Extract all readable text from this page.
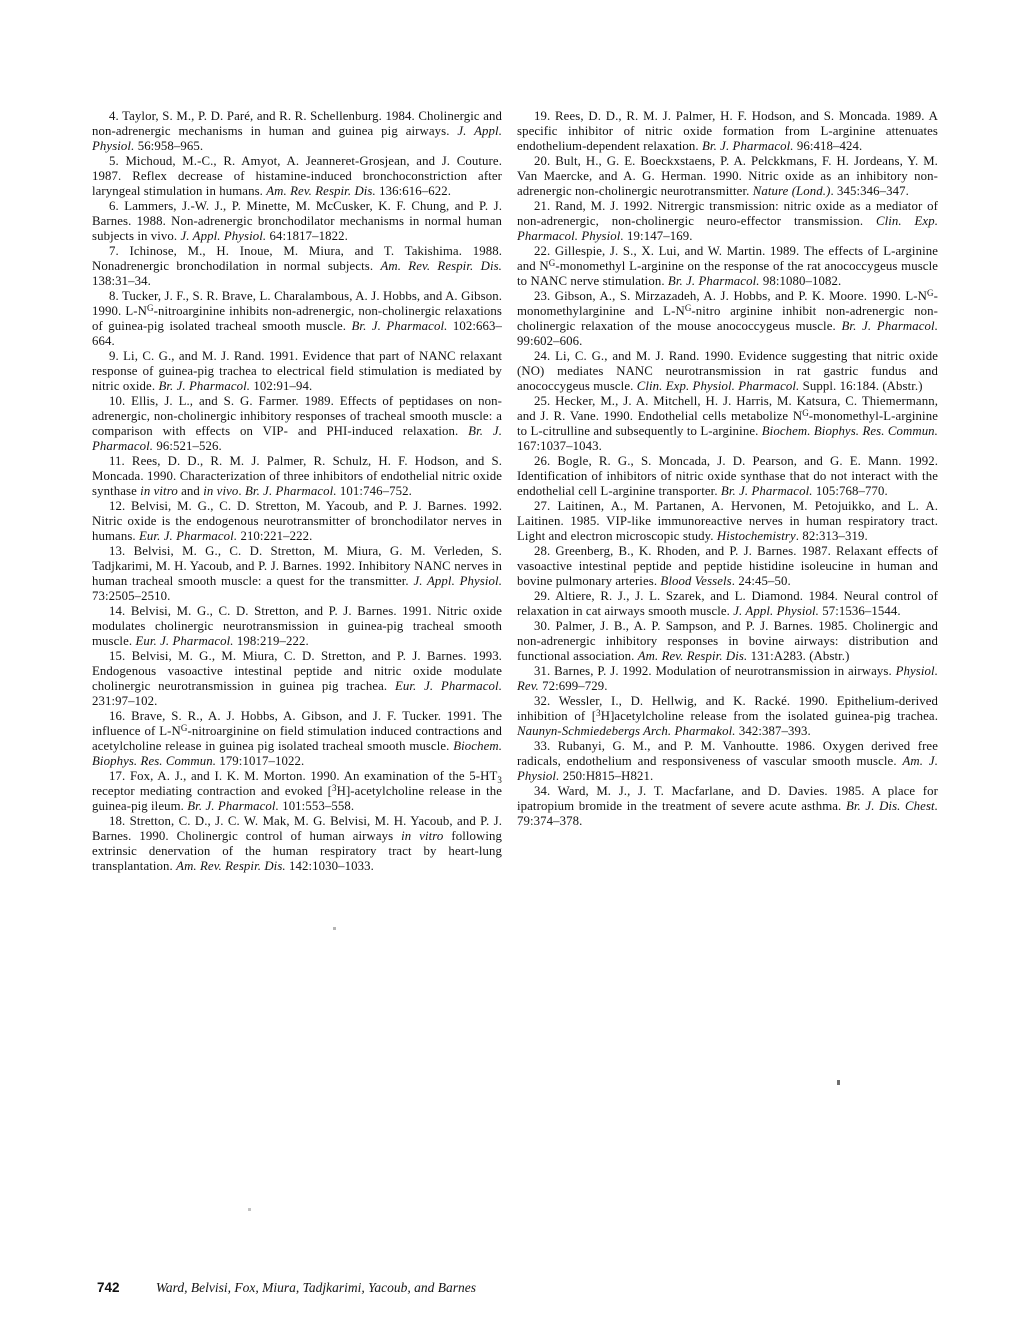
4. Taylor, S. M., P. D. Paré, and R. R. Schellenburg. 1984. Cholinergic and non-adrenergic mechanisms in human and guinea pig airways. J. Appl. Physiol. 56:958–965.

5. Michoud, M.-C., R. Amyot, A. Jeanneret-Grosjean, and J. Couture. 1987. Reflex decrease of histamine-induced bronchoconstriction after laryngeal stimulation in humans. Am. Rev. Respir. Dis. 136:616–622.

6. Lammers, J.-W. J., P. Minette, M. McCusker, K. F. Chung, and P. J. Barnes. 1988. Non-adrenergic bronchodilator mechanisms in normal human subjects in vivo. J. Appl. Physiol. 64:1817–1822.

7. Ichinose, M., H. Inoue, M. Miura, and T. Takishima. 1988. Nonadrenergic bronchodilation in normal subjects. Am. Rev. Respir. Dis. 138:31–34.

8. Tucker, J. F., S. R. Brave, L. Charalambous, A. J. Hobbs, and A. Gibson. 1990. $L-N^G$-nitroarginine inhibits non-adrenergic, non-cholinergic relaxations of guinea-pig isolated tracheal smooth muscle. Br. J. Pharmacol. 102:663–664.

9. Li, C. G., and M. J. Rand. 1991. Evidence that part of NANC relaxant response of guinea-pig trachea to electrical field stimulation is mediated by nitric oxide. Br. J. Pharmacol. 102:91–94.

10. Ellis, J. L., and S. G. Farmer. 1989. Effects of peptidases on non-adrenergic, non-cholinergic inhibitory responses of tracheal smooth muscle: a comparison with effects on VIP- and PHI-induced relaxation. Br. J. Pharmacol. 96:521–526.

11. Rees, D. D., R. M. J. Palmer, R. Schulz, H. F. Hodson, and S. Moncada. 1990. Characterization of three inhibitors of endothelial nitric oxide synthase in vitro and in vivo. Br. J. Pharmacol. 101:746–752.

12. Belvisi, M. G., C. D. Stretton, M. Yacoub, and P. J. Barnes. 1992. Nitric oxide is the endogenous neurotransmitter of bronchodilator nerves in humans. Eur. J. Pharmacol. 210:221–222.

13. Belvisi, M. G., C. D. Stretton, M. Miura, G. M. Verleden, S. Tadjkarimi, M. H. Yacoub, and P. J. Barnes. 1992. Inhibitory NANC nerves in human tracheal smooth muscle: a quest for the transmitter. J. Appl. Physiol. 73:2505–2510.

14. Belvisi, M. G., C. D. Stretton, and P. J. Barnes. 1991. Nitric oxide modulates cholinergic neurotransmission in guinea-pig tracheal smooth muscle. Eur. J. Pharmacol. 198:219–222.

15. Belvisi, M. G., M. Miura, C. D. Stretton, and P. J. Barnes. 1993. Endogenous vasoactive intestinal peptide and nitric oxide modulate cholinergic neurotransmission in guinea pig trachea. Eur. J. Pharmacol. 231:97–102.

16. Brave, S. R., A. J. Hobbs, A. Gibson, and J. F. Tucker. 1991. The influence of $L-N^G$-nitroarginine on field stimulation induced contractions and acetylcholine release in guinea pig isolated tracheal smooth muscle. Biochem. Biophys. Res. Commun. 179:1017–1022.

17. Fox, A. J., and I. K. M. Morton. 1990. An examination of the $5-HT_3$ receptor mediating contraction and evoked [$^3$H]-acetylcholine release in the guinea-pig ileum. Br. J. Pharmacol. 101:553–558.

18. Stretton, C. D., J. C. W. Mak, M. G. Belvisi, M. H. Yacoub, and P. J. Barnes. 1990. Cholinergic control of human airways in vitro following extrinsic denervation of the human respiratory tract by heart-lung transplantation. Am. Rev. Respir. Dis. 142:1030–1033.

19. Rees, D. D., R. M. J. Palmer, H. F. Hodson, and S. Moncada. 1989. A specific inhibitor of nitric oxide formation from L-arginine attenuates endothelium-dependent relaxation. Br. J. Pharmacol. 96:418–424.

20. Bult, H., G. E. Boeckxstaens, P. A. Pelckkmans, F. H. Jordeans, Y. M. Van Maercke, and A. G. Herman. 1990. Nitric oxide as an inhibitory non-adrenergic non-cholinergic neurotransmitter. Nature (Lond.). 345:346–347.

21. Rand, M. J. 1992. Nitrergic transmission: nitric oxide as a mediator of non-adrenergic, non-cholinergic neuro-effector transmission. Clin. Exp. Pharmacol. Physiol. 19:147–169.

22. Gillespie, J. S., X. Lui, and W. Martin. 1989. The effects of L-arginine and $N^G$-monomethyl L-arginine on the response of the rat anococcygeus muscle to NANC nerve stimulation. Br. J. Pharmacol. 98:1080–1082.

23. Gibson, A., S. Mirzazadeh, A. J. Hobbs, and P. K. Moore. 1990. $L-N^G$-monomethylarginine and $L-N^G$-nitro arginine inhibit non-adrenergic non-cholinergic relaxation of the mouse anococcygeus muscle. Br. J. Pharmacol. 99:602–606.

24. Li, C. G., and M. J. Rand. 1990. Evidence suggesting that nitric oxide (NO) mediates NANC neurotransmission in rat gastric fundus and anococcygeus muscle. Clin. Exp. Physiol. Pharmacol. Suppl. 16:184. (Abstr.)

25. Hecker, M., J. A. Mitchell, H. J. Harris, M. Katsura, C. Thiemermann, and J. R. Vane. 1990. Endothelial cells metabolize $N^G-monomethyl-L$-arginine to L-citrulline and subsequently to L-arginine. Biochem. Biophys. Res. Commun. 167:1037–1043.

26. Bogle, R. G., S. Moncada, J. D. Pearson, and G. E. Mann. 1992. Identification of inhibitors of nitric oxide synthase that do not interact with the endothelial cell L-arginine transporter. Br. J. Pharmacol. 105:768–770.

27. Laitinen, A., M. Partanen, A. Hervonen, M. Petojuikko, and L. A. Laitinen. 1985. VIP-like immunoreactive nerves in human respiratory tract. Light and electron microscopic study. Histochemistry. 82:313–319.

28. Greenberg, B., K. Rhoden, and P. J. Barnes. 1987. Relaxant effects of vasoactive intestinal peptide and peptide histidine isoleucine in human and bovine pulmonary arteries. Blood Vessels. 24:45–50.

29. Altiere, R. J., J. L. Szarek, and L. Diamond. 1984. Neural control of relaxation in cat airways smooth muscle. J. Appl. Physiol. 57:1536–1544.

30. Palmer, J. B., A. P. Sampson, and P. J. Barnes. 1985. Cholinergic and non-adrenergic inhibitory responses in bovine airways: distribution and functional association. Am. Rev. Respir. Dis. 131:A283. (Abstr.)

31. Barnes, P. J. 1992. Modulation of neurotransmission in airways. Physiol. Rev. 72:699–729.

32. Wessler, I., D. Hellwig, and K. Racké. 1990. Epithelium-derived inhibition of [$^3$H]acetylcholine release from the isolated guinea-pig trachea. Naunyn-Schmiedebergs Arch. Pharmakol. 342:387–393.

33. Rubanyi, G. M., and P. M. Vanhoutte. 1986. Oxygen derived free radicals, endothelium and responsiveness of vascular smooth muscle. Am. J. Physiol. 250:H815–H821.

34. Ward, M. J., J. T. Macfarlane, and D. Davies. 1985. A place for ipatropium bromide in the treatment of severe acute asthma. Br. J. Dis. Chest. 79:374–378.

742	Ward, Belvisi, Fox, Miura, Tadjkarimi, Yacoub, and Barnes
